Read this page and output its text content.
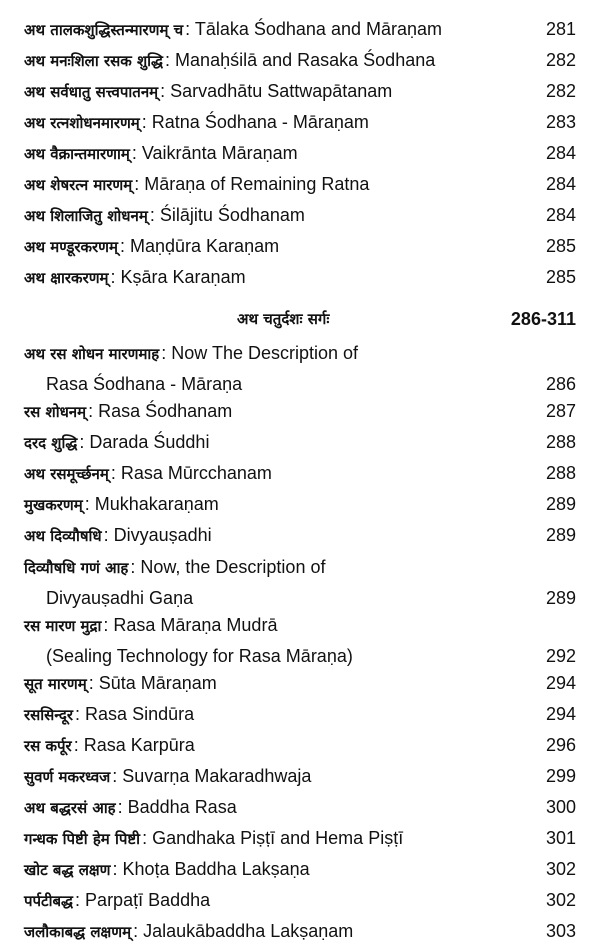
अथ तालकशुद्धिस्तन्मारणम् च : Tālaka Śodhana and Māraṇam	281
अथ मनःशिला रसक शुद्धि : Manaḥśilā and Rasaka Śodhana	282
अथ सर्वधातु सत्त्वपातनम् : Sarvadhātu Sattwapātanam	282
अथ रत्नशोधनमारणम् : Ratna Śodhana - Māraṇam	283
अथ वैक्रान्तमारणाम् : Vaikrānta Māraṇam	284
अथ शेषरत्न मारणम् : Māraṇa of Remaining Ratna	284
अथ शिलाजितु शोधनम् : Śilājitu Śodhanam	284
अथ मण्डूरकरणम् : Maṇḍūra Karaṇam	285
अथ क्षारकरणम् : Kṣāra Karaṇam	285
अथ चतुर्दशः सर्गः	286-311
अथ रस शोधन मारणमाह : Now The Description of
Rasa Śodhana - Māraṇa	286
रस शोधनम् : Rasa Śodhanam	287
दरद शुद्धि : Darada Śuddhi	288
अथ रसमूर्च्छनम् : Rasa Mūrcchanam	288
मुखकरणम् : Mukhakaraṇam	289
अथ दिव्यौषधि : Divyauṣadhi	289
दिव्यौषधि गणं आह : Now, the Description of
Divyauṣadhi Gaṇa	289
रस मारण मुद्रा : Rasa Māraṇa Mudrā
(Sealing Technology for Rasa Māraṇa)	292
सूत मारणम् : Sūta Māraṇam	294
रससिन्दूर : Rasa Sindūra	294
रस कर्पूर : Rasa Karpūra	296
सुवर्ण मकरध्वज : Suvarṇa Makaradhwaja	299
अथ बद्धरसं आह : Baddha Rasa	300
गन्धक पिष्टी हेम पिष्टी : Gandhaka Piṣṭī and Hema Piṣṭī	301
खोट बद्ध लक्षण : Khoṭa Baddha Lakṣaṇa	302
पर्पटीबद्ध : Parpaṭī Baddha	302
जलौकाबद्ध लक्षणम् : Jalaukābaddha Lakṣaṇam	303
